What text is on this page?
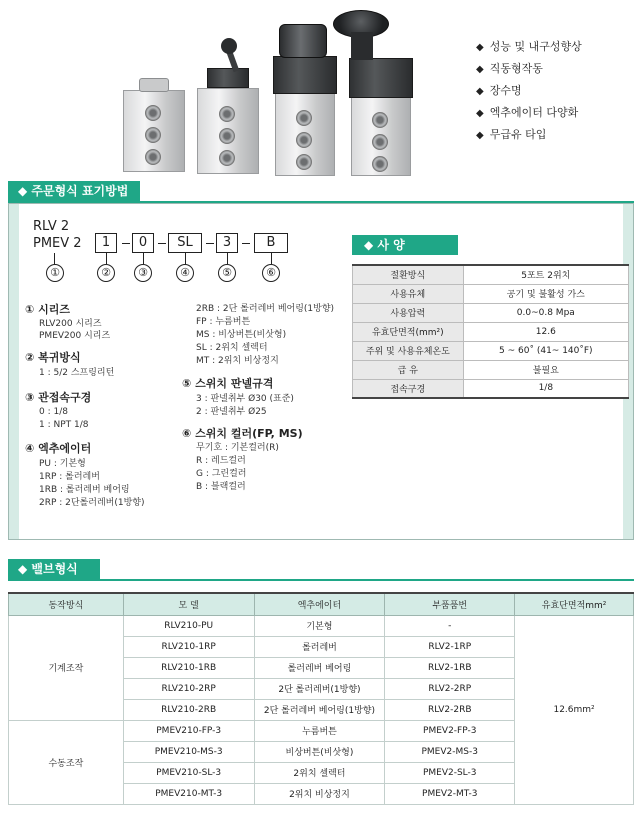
◆ 성능 및 내구성향상
◆ 직동형작동
◆ 장수명
◆ 엑추에이터 다양화
◆ 무급유 타입
◆ 주문형식 표기방법
RLV 2
PMEV 2	1	0	SL	3	B
①	②	③	④	⑤	⑥
① 시리즈
RLV200 시리즈
PMEV200 시리즈
② 복귀방식
1 : 5/2 스프링리턴
③ 관접속구경
0 : 1/8
1 : NPT 1/8
④ 엑추에이터
PU : 기본형
1RP : 롤러레버
1RB : 롤러레버 베어링
2RP : 2단롤러레버(1방향)
2RB : 2단 롤러레버 베어링(1방향)
FP : 누름버튼
MS : 비상버튼(비삿형)
SL : 2위치 셀렉터
MT : 2위치 비상정지
⑤ 스위치 판넬규격
3 : 판넬취부 Ø30 (표준)
2 : 판넬취부 Ø25
⑥ 스위치 컬러(FP, MS)
무기호 : 기본컬러(R)
R : 레드컬러
G : 그린컬러
B : 블랙컬러
◆ 사 양
절환방식	5포트 2위치
사용유체	공기 및 불활성 가스
사용압력	0.0~0.8 Mpa
유효단면적(mm²)	12.6
주위 및 사용유체온도	5 ~ 60˚ (41~ 140˚F)
급 유	불필요
접속구경	1/8
◆ 밸브형식
동작방식	모 델	엑추에이터	부품품번	유효단면적mm²
기계조작	RLV210-PU	기본형	-	12.6mm²
	RLV210-1RP	롤러레버	RLV2-1RP	
	RLV210-1RB	롤러레버 베어링	RLV2-1RB	
	RLV210-2RP	2단 롤러레버(1방향)	RLV2-2RP	
	RLV210-2RB	2단 롤러레버 베어링(1방향)	RLV2-2RB	
수동조작	PMEV210-FP-3	누름버튼	PMEV2-FP-3	
	PMEV210-MS-3	비상버튼(비삿형)	PMEV2-MS-3	
	PMEV210-SL-3	2위치 셀렉터	PMEV2-SL-3	
	PMEV210-MT-3	2위치 비상정지	PMEV2-MT-3	
